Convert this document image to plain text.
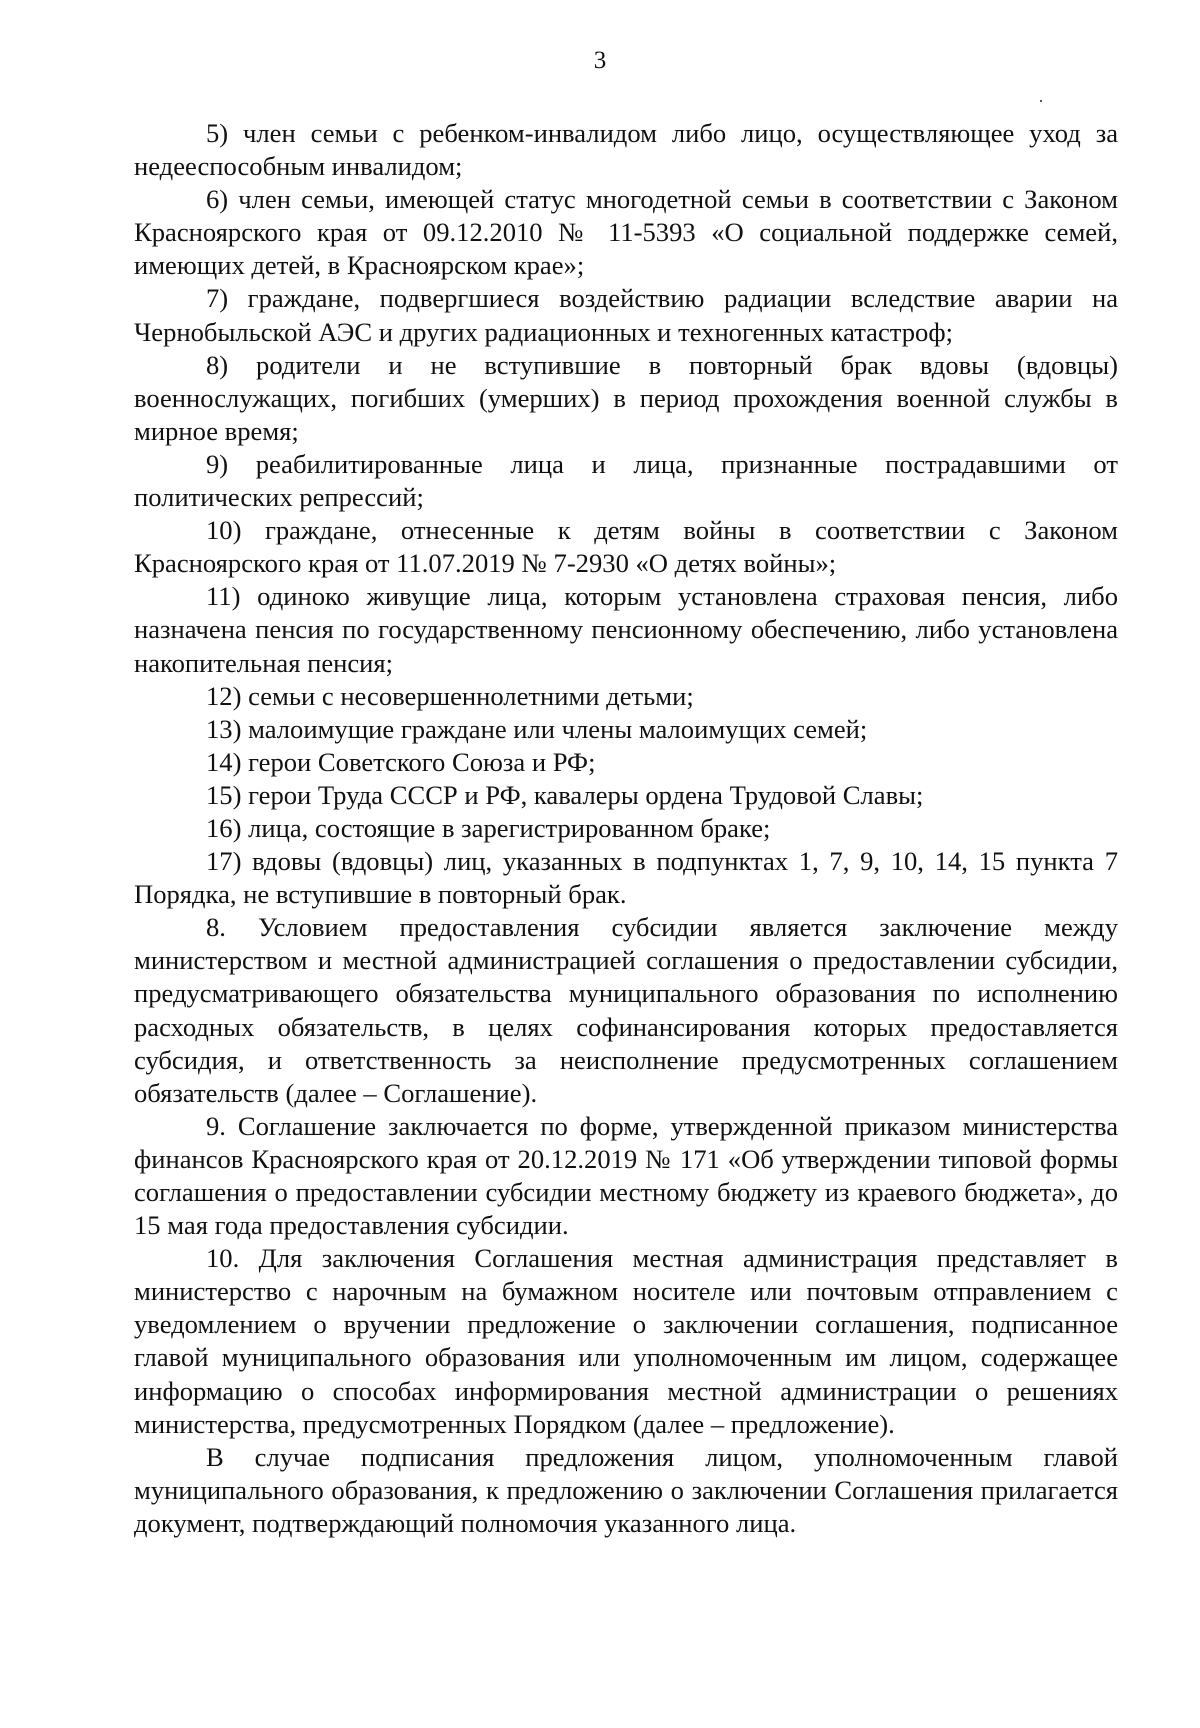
3

5) член семьи с ребенком-инвалидом либо лицо, осуществляющее уход за недееспособным инвалидом;

6) член семьи, имеющей статус многодетной семьи в соответствии с Законом Красноярского края от 09.12.2010 № 11-5393 «О социальной поддержке семей, имеющих детей, в Красноярском крае»;

7) граждане, подвергшиеся воздействию радиации вследствие аварии на Чернобыльской АЭС и других радиационных и техногенных катастроф;

8) родители и не вступившие в повторный брак вдовы (вдовцы) военнослужащих, погибших (умерших) в период прохождения военной службы в мирное время;

9) реабилитированные лица и лица, признанные пострадавшими от политических репрессий;

10) граждане, отнесенные к детям войны в соответствии с Законом Красноярского края от 11.07.2019 № 7-2930 «О детях войны»;

11) одиноко живущие лица, которым установлена страховая пенсия, либо назначена пенсия по государственному пенсионному обеспечению, либо установлена накопительная пенсия;

12) семьи с несовершеннолетними детьми;

13) малоимущие граждане или члены малоимущих семей;

14) герои Советского Союза и РФ;

15) герои Труда СССР и РФ, кавалеры ордена Трудовой Славы;

16) лица, состоящие в зарегистрированном браке;

17) вдовы (вдовцы) лиц, указанных в подпунктах 1, 7, 9, 10, 14, 15 пункта 7 Порядка, не вступившие в повторный брак.

8. Условием предоставления субсидии является заключение между министерством и местной администрацией соглашения о предоставлении субсидии, предусматривающего обязательства муниципального образования по исполнению расходных обязательств, в целях софинансирования которых предоставляется субсидия, и ответственность за неисполнение предусмотренных соглашением обязательств (далее – Соглашение).

9. Соглашение заключается по форме, утвержденной приказом министерства финансов Красноярского края от 20.12.2019 № 171 «Об утверждении типовой формы соглашения о предоставлении субсидии местному бюджету из краевого бюджета», до 15 мая года предоставления субсидии.

10. Для заключения Соглашения местная администрация представляет в министерство с нарочным на бумажном носителе или почтовым отправлением с уведомлением о вручении предложение о заключении соглашения, подписанное главой муниципального образования или уполномоченным им лицом, содержащее информацию о способах информирования местной администрации о решениях министерства, предусмотренных Порядком (далее – предложение).

В случае подписания предложения лицом, уполномоченным главой муниципального образования, к предложению о заключении Соглашения прилагается документ, подтверждающий полномочия указанного лица.
